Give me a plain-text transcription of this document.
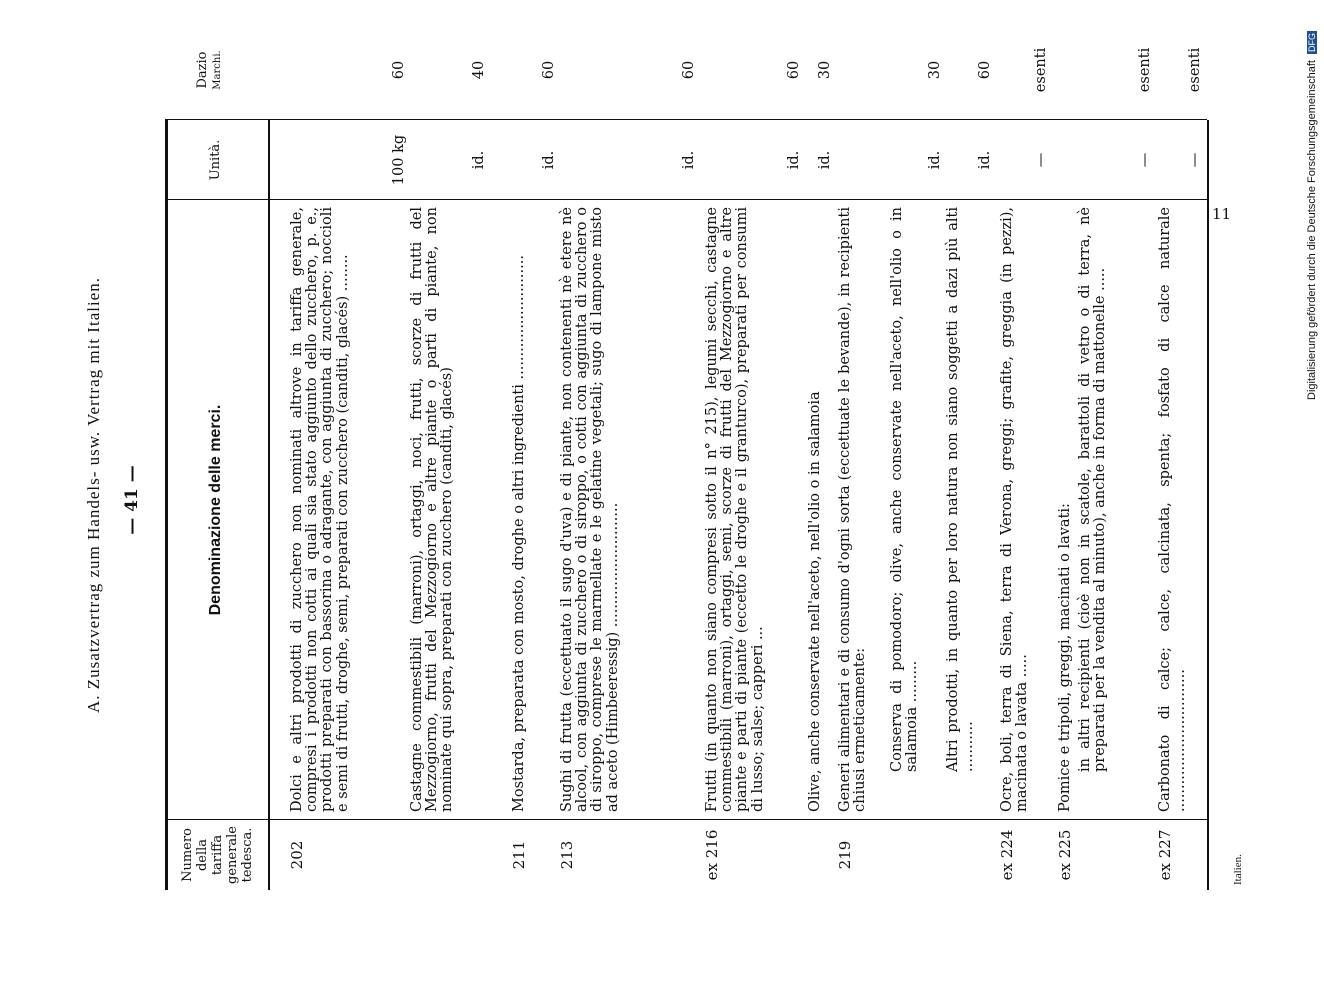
A. Zusatzvertrag zum Handels- usw. Vertrag mit Italien. — 41 —
Numero della tariffa generale tedesca.
Denominazione delle merci.
Unità.
Dazio Marchi.
202
Dolci e altri prodotti di zucchero non nominati altrove in tariffa generale, compresi i prodotti non cotti ai quali sia stato aggiunto dello zucchero, p. e., prodotti preparati con bassorina o adragante, con aggiunta di zucchero; noccioli e semi di frutti, droghe, semi, preparati con zucchero (canditi, glacés) ........
100 kg
60
Castagne commestibili (marroni), ortaggi, noci, frutti, scorze di frutti del Mezzogiorno, frutti del Mezzogiorno e altre piante o parti di piante, non nominate qui sopra, preparati con zucchero (canditi, glacés)
id.
40
211
Mostarda, preparata con mosto, droghe o altri ingredienti ...........................
id.
60
213
Sughi di frutta (eccettuato il sugo d'uva) e di piante, non contenenti nè etere nè alcool, con aggiunta di zucchero o di siroppo, o cotti con aggiunta di zucchero o di siroppo, comprese le marmellate e le gelatine vegetali; sugo di lampone misto ad aceto (Himbeeressig) ...........................
id.
60
ex 216
Frutti (in quanto non siano compresi sotto il n° 215), legumi secchi, castagne commestibili (marroni), ortaggi, semi, scorze di frutti del Mezzogiorno e altre piante e parti di piante (eccetto le droghe e il granturco), preparati per consumi di lusso; salse; capperi ...
id.
60
Olive, anche conservate nell'aceto, nell'olio o in salamoia
id.
30
219
Generi alimentari e di consumo d'ogni sorta (eccettuate le bevande), in recipienti chiusi ermeticamente: Conserva di pomodoro; olive, anche conservate nell'aceto, nell'olio o in salamoia .........
id.
30
Altri prodotti, in quanto per loro natura non siano soggetti a dazi più alti ...........
id.
60
ex 224
Ocre, boli, terra di Siena, terra di Verona, greggi; grafite, greggia (in pezzi), macinata o lavata .....
—
esenti
ex 225
Pomice e tripoli, greggi, macinati o lavati: in altri recipienti (cioè non in scatole, barattoli di vetro o di terra, nè preparati per la vendita al minuto), anche in forma di mattonelle .....
—
esenti
ex 227
Carbonato di calce; calce, calcinata, spenta; fosfato di calce naturale ...............................
—
esenti
Italien.
11	Digitalisierung gefördert durch die Deutsche Forschungsgemeinschaft DFG
